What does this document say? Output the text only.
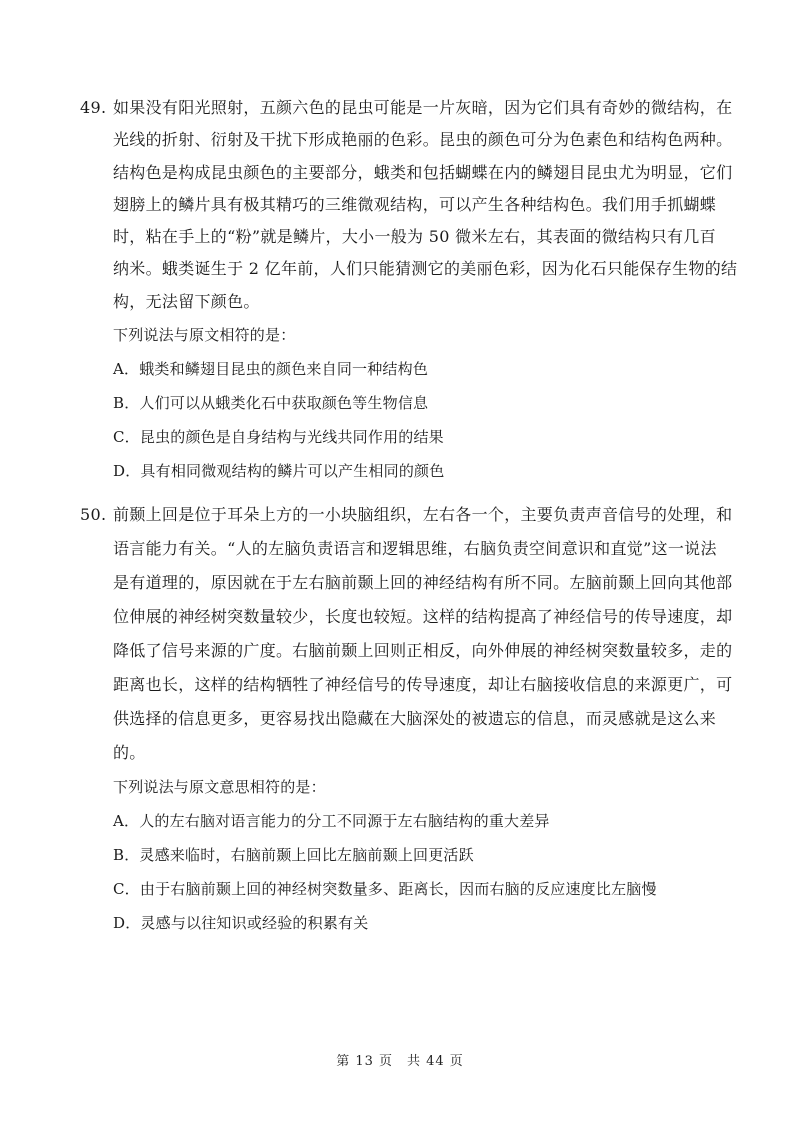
49. 如果没有阳光照射，五颜六色的昆虫可能是一片灰暗，因为它们具有奇妙的微结构，在
光线的折射、衍射及干扰下形成艳丽的色彩。昆虫的颜色可分为色素色和结构色两种。
结构色是构成昆虫颜色的主要部分，蛾类和包括蝴蝶在内的鳞翅目昆虫尤为明显，它们
翅膀上的鳞片具有极其精巧的三维微观结构，可以产生各种结构色。我们用手抓蝴蝶
时，粘在手上的“粉”就是鳞片，大小一般为 50 微米左右，其表面的微结构只有几百
纳米。蛾类诞生于 2 亿年前，人们只能猜测它的美丽色彩，因为化石只能保存生物的结
构，无法留下颜色。
下列说法与原文相符的是：
A．蛾类和鳞翅目昆虫的颜色来自同一种结构色
B．人们可以从蛾类化石中获取颜色等生物信息
C．昆虫的颜色是自身结构与光线共同作用的结果
D．具有相同微观结构的鳞片可以产生相同的颜色
50. 前颞上回是位于耳朵上方的一小块脑组织，左右各一个，主要负责声音信号的处理，和
语言能力有关。“人的左脑负责语言和逻辑思维，右脑负责空间意识和直觉”这一说法
是有道理的，原因就在于左右脑前颞上回的神经结构有所不同。左脑前颞上回向其他部
位伸展的神经树突数量较少，长度也较短。这样的结构提高了神经信号的传导速度，却
降低了信号来源的广度。右脑前颞上回则正相反，向外伸展的神经树突数量较多，走的
距离也长，这样的结构牺牲了神经信号的传导速度，却让右脑接收信息的来源更广，可
供选择的信息更多，更容易找出隐藏在大脑深处的被遗忘的信息，而灵感就是这么来
的。
下列说法与原文意思相符的是：
A．人的左右脑对语言能力的分工不同源于左右脑结构的重大差异
B．灵感来临时，右脑前颞上回比左脑前颞上回更活跃
C．由于右脑前颞上回的神经树突数量多、距离长，因而右脑的反应速度比左脑慢
D．灵感与以往知识或经验的积累有关
第 13 页　共 44 页
